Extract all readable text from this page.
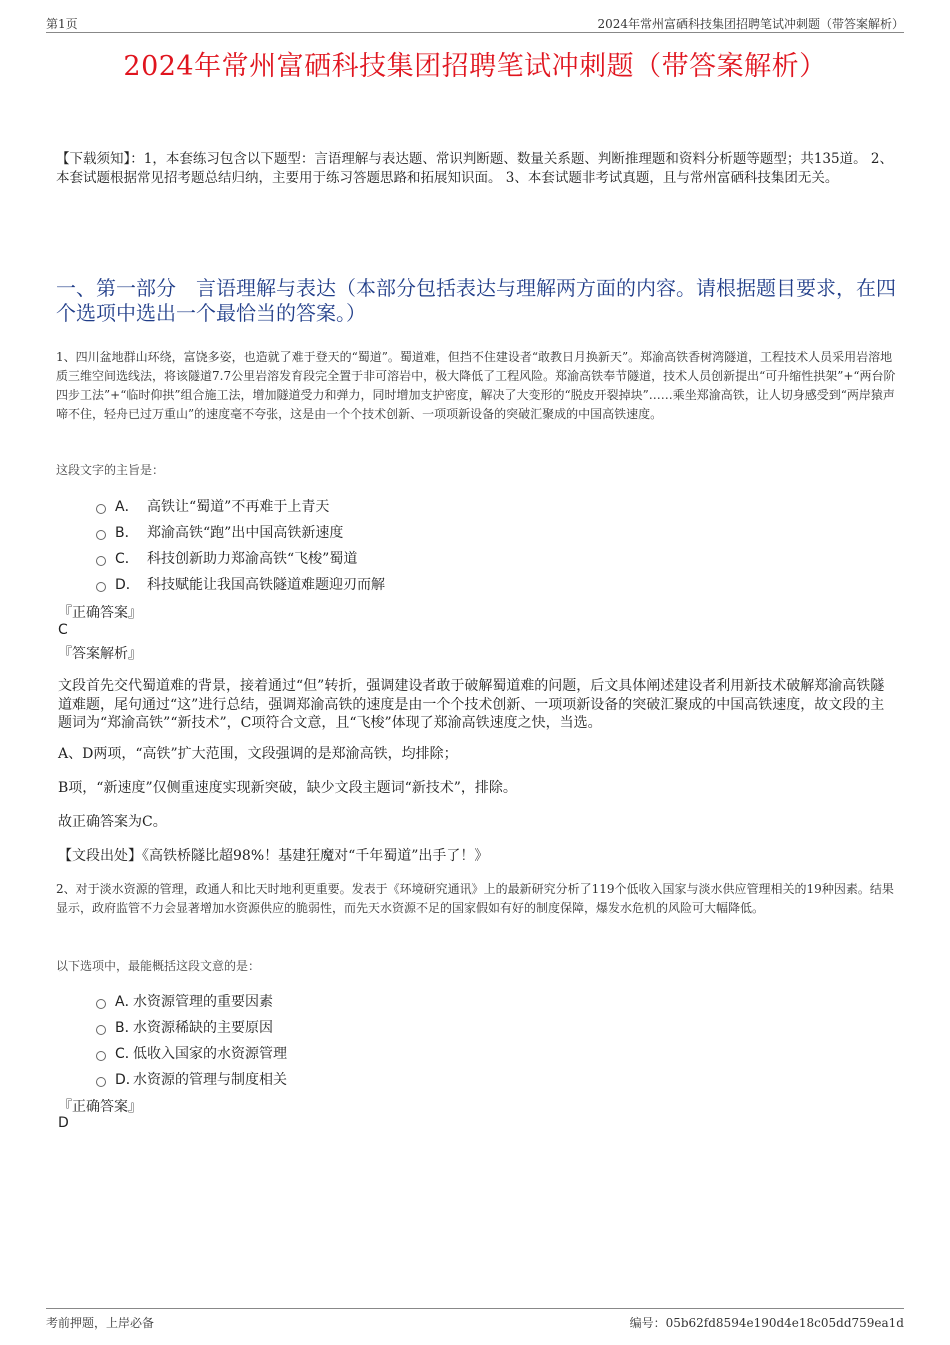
第1页	2024年常州富硒科技集团招聘笔试冲刺题（带答案解析）
2024年常州富硒科技集团招聘笔试冲刺题（带答案解析）
【下载须知】：1，本套练习包含以下题型：言语理解与表达题、常识判断题、数量关系题、判断推理题和资料分析题等题型；共135道。 2、本套试题根据常见招考题总结归纳，主要用于练习答题思路和拓展知识面。 3、本套试题非考试真题，且与常州富硒科技集团无关。
一、第一部分　言语理解与表达（本部分包括表达与理解两方面的内容。请根据题目要求，在四个选项中选出一个最恰当的答案。）
1、四川盆地群山环绕，富饶多姿，也造就了难于登天的“蜀道”。蜀道难，但挡不住建设者“敢教日月换新天”。郑渝高铁香树湾隧道，工程技术人员采用岩溶地质三维空间选线法，将该隧道7.7公里岩溶发育段完全置于非可溶岩中，极大降低了工程风险。郑渝高铁奉节隧道，技术人员创新提出“可升缩性拱架”+“两台阶四步工法”+“临时仰拱”组合施工法，增加隧道受力和弹力，同时增加支护密度，解决了大变形的“脱皮开裂掉块”……乘坐郑渝高铁，让人切身感受到“两岸猿声啼不住，轻舟已过万重山”的速度毫不夸张，这是由一个个技术创新、一项项新设备的突破汇聚成的中国高铁速度。
这段文字的主旨是：
A． 高铁让“蜀道”不再难于上青天
B． 郑渝高铁“跑”出中国高铁新速度
C． 科技创新助力郑渝高铁“飞梭”蜀道
D． 科技赋能让我国高铁隧道难题迎刃而解
『正确答案』
C
『答案解析』
文段首先交代蜀道难的背景，接着通过“但”转折，强调建设者敢于破解蜀道难的问题，后文具体阐述建设者利用新技术破解郑渝高铁隧道难题，尾句通过“这”进行总结，强调郑渝高铁的速度是由一个个技术创新、一项项新设备的突破汇聚成的中国高铁速度，故文段的主题词为“郑渝高铁”“新技术”，C项符合文意，且“飞梭”体现了郑渝高铁速度之快，当选。
A、D两项，“高铁”扩大范围，文段强调的是郑渝高铁，均排除；
B项，“新速度”仅侧重速度实现新突破，缺少文段主题词“新技术”，排除。
故正确答案为C。
【文段出处】《高铁桥隧比超98%！基建狂魔对“千年蜀道”出手了！》
2、对于淡水资源的管理，政通人和比天时地利更重要。发表于《环境研究通讯》上的最新研究分析了119个低收入国家与淡水供应管理相关的19种因素。结果显示，政府监管不力会显著增加水资源供应的脆弱性，而先天水资源不足的国家假如有好的制度保障，爆发水危机的风险可大幅降低。
以下选项中，最能概括这段文意的是：
A．
水资源管理的重要因素
B．
水资源稀缺的主要原因
C．
低收入国家的水资源管理
D．
水资源的管理与制度相关
『正确答案』
D
考前押题，上岸必备	编号：05b62fd8594e190d4e18c05dd759ea1d
